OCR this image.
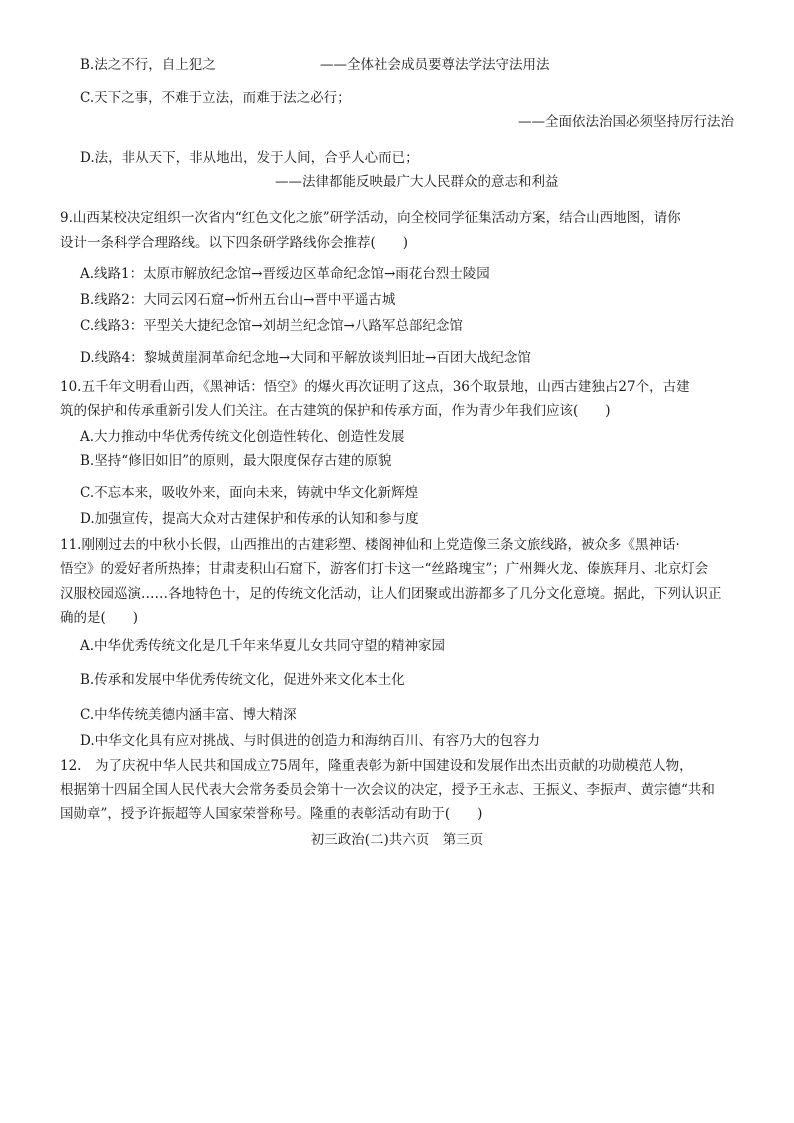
B.法之不行，自上犯之	——全体社会成员要尊法学法守法用法
C.天下之事，不难于立法，而难于法之必行；
——全面依法治国必须坚持厉行法治
D.法，非从天下，非从地出，发于人间，合乎人心而已；
——法律都能反映最广大人民群众的意志和利益
9.山西某校决定组织一次省内“红色文化之旅”研学活动，向全校同学征集活动方案，结合山西地图，请你
设计一条科学合理路线。以下四条研学路线你会推荐(　　)
A.线路1：太原市解放纪念馆→晋绥边区革命纪念馆→雨花台烈士陵园
B.线路2：大同云冈石窟→忻州五台山→晋中平遥古城
C.线路3：平型关大捷纪念馆→刘胡兰纪念馆→八路军总部纪念馆
D.线路4：黎城黄崖洞革命纪念地→大同和平解放谈判旧址→百团大战纪念馆
10.五千年文明看山西，《黑神话：悟空》的爆火再次证明了这点，36个取景地，山西古建独占27个，古建
筑的保护和传承重新引发人们关注。在古建筑的保护和传承方面，作为青少年我们应该(　　)
A.大力推动中华优秀传统文化创造性转化、创造性发展
B.坚持“修旧如旧”的原则，最大限度保存古建的原貌
C.不忘本来，吸收外来，面向未来，铸就中华文化新辉煌
D.加强宣传，提高大众对古建保护和传承的认知和参与度
11.刚刚过去的中秋小长假，山西推出的古建彩塑、楼阁神仙和上党造像三条文旅线路，被众多《黑神话·
悟空》的爱好者所热捧；甘肃麦积山石窟下，游客们打卡这一“丝路瑰宝”；广州舞火龙、傣族拜月、北京灯会
汉服校园巡演……各地特色十，足的传统文化活动，让人们团聚或出游都多了几分文化意境。据此，下列认识正
确的是(　　)
A.中华优秀传统文化是几千年来华夏儿女共同守望的精神家园
B.传承和发展中华优秀传统文化，促进外来文化本土化
C.中华传统美德内涵丰富、博大精深
D.中华文化具有应对挑战、与时俱进的创造力和海纳百川、有容乃大的包容力
12.　为了庆祝中华人民共和国成立75周年，隆重表彰为新中国建设和发展作出杰出贡献的功勋模范人物，
根据第十四届全国人民代表大会常务委员会第十一次会议的决定，授予王永志、王振义、李振声、黄宗德“共和
国勋章”，授予许振超等人国家荣誉称号。隆重的表彰活动有助于(　　)
初三政治(二)共六页　第三页
